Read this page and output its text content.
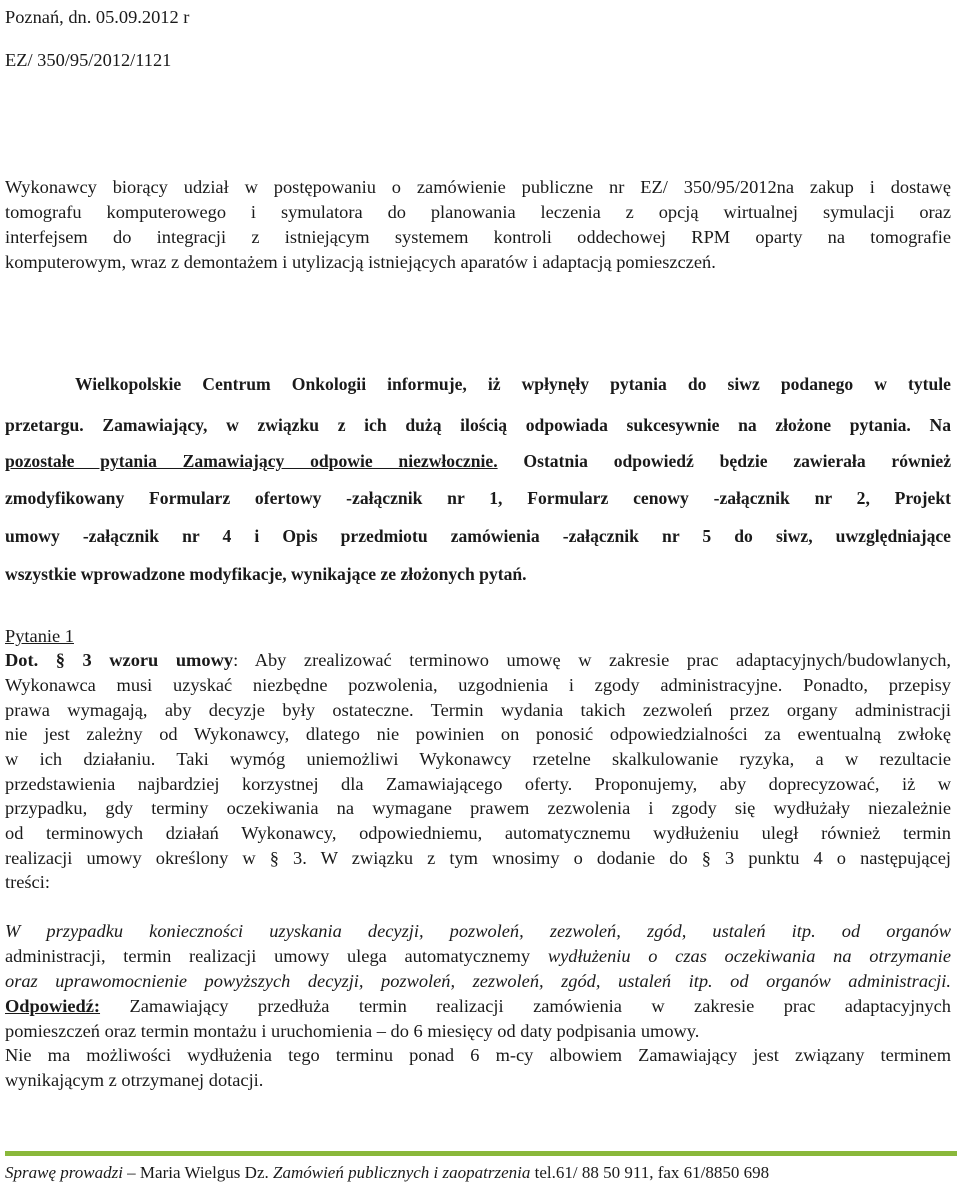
Poznań, dn. 05.09.2012 r
EZ/ 350/95/2012/1121
Wykonawcy biorący udział w postępowaniu o zamówienie publiczne nr EZ/ 350/95/2012na zakup i dostawę
tomografu komputerowego i symulatora do planowania leczenia z opcją wirtualnej symulacji oraz
interfejsem do integracji z istniejącym systemem kontroli oddechowej RPM oparty na tomografie
komputerowym, wraz z demontażem i utylizacją istniejących aparatów i adaptacją pomieszczeń.
Wielkopolskie Centrum Onkologii informuje, iż wpłynęły pytania do siwz podanego w tytule
przetargu. Zamawiający, w związku z ich dużą ilością odpowiada sukcesywnie na złożone pytania. Na
pozostałe pytania Zamawiający odpowie niezwłocznie. Ostatnia odpowiedź będzie zawierała również
zmodyfikowany Formularz ofertowy -załącznik nr 1, Formularz cenowy -załącznik nr 2, Projekt
umowy -załącznik nr 4 i Opis przedmiotu zamówienia -załącznik nr 5 do siwz, uwzględniające
wszystkie wprowadzone modyfikacje, wynikające ze złożonych pytań.
Pytanie 1
Dot. § 3 wzoru umowy: Aby zrealizować terminowo umowę w zakresie prac adaptacyjnych/budowlanych,
Wykonawca musi uzyskać niezbędne pozwolenia, uzgodnienia i zgody administracyjne. Ponadto, przepisy
prawa wymagają, aby decyzje były ostateczne. Termin wydania takich zezwoleń przez organy administracji
nie jest zależny od Wykonawcy, dlatego nie powinien on ponosić odpowiedzialności za ewentualną zwłokę
w ich działaniu. Taki wymóg uniemożliwi Wykonawcy rzetelne skalkulowanie ryzyka, a w rezultacie
przedstawienia najbardziej korzystnej dla Zamawiającego oferty. Proponujemy, aby doprecyzować, iż w
przypadku, gdy terminy oczekiwania na wymagane prawem zezwolenia i zgody się wydłużały niezależnie
od terminowych działań Wykonawcy, odpowiedniemu, automatycznemu wydłużeniu uległ również termin
realizacji umowy określony w § 3. W związku z tym wnosimy o dodanie do § 3 punktu 4 o następującej
treści:
W przypadku konieczności uzyskania decyzji, pozwoleń, zezwoleń, zgód, ustaleń itp. od organów
administracji, termin realizacji umowy ulega automatycznemy wydłużeniu o czas oczekiwania na otrzymanie
oraz uprawomocnienie powyższych decyzji, pozwoleń, zezwoleń, zgód, ustaleń itp. od organów administracji.
Odpowiedź: Zamawiający przedłuża termin realizacji zamówienia w zakresie prac adaptacyjnych
pomieszczeń oraz termin montażu i uruchomienia – do 6 miesięcy od daty podpisania umowy.
Nie ma możliwości wydłużenia tego terminu ponad 6 m-cy albowiem Zamawiający jest związany terminem
wynikającym z otrzymanej dotacji.
Sprawę prowadzi – Maria Wielgus Dz. Zamówień publicznych i zaopatrzenia tel.61/ 88 50 911, fax 61/8850 698
